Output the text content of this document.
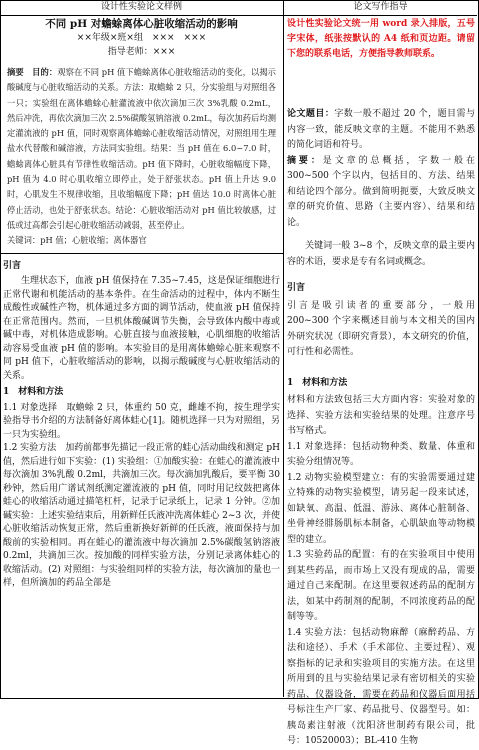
设计性实验论文样例	论文写作指导
不同 pH 对蟾蜍离体心脏收缩活动的影响
××年级×班×组　×××　×××
指导老师：×××
摘要　目的：观察在不同 pH 值下蟾蜍离体心脏收缩活动的变化，以揭示酸碱度与心脏收缩活动的关系。方法：取蟾蜍 2 只，分实验组与对照组各一只；实验组在离体蟾蜍心脏灌流液中依次滴加三次 3%乳酸 0.2mL，然后冲洗，再依次滴加三次 2.5%碳酸氢钠溶液 0.2mL，每次加药后均测定灌流液的 pH 值，同时观察离体蟾蜍心脏收缩活动情况，对照组用生理盐水代替酸和碱溶液，方法同实验组。结果：当 pH 值在 6.0~7.0 时，蟾蜍离体心脏具有节律性收缩活动。pH 值下降时，心脏收缩幅度下降，pH 值为 4.0 时心肌收缩立即停止，处于舒张状态。pH 值上升达 9.0 时，心肌发生不规律收缩，且收缩幅度下降；pH 值达 10.0 时离体心脏停止活动，也处于舒张状态。结论：心脏收缩活动对 pH 值比较敏感，过低或过高都会引起心脏收缩活动减弱，甚至停止。
关键词：pH 值；心脏收缩；离体器官
引言

生理状态下，血液 pH 值保持在 7.35~7.45，这是保证细胞进行正常代谢和机能活动的基本条件。在生命活动的过程中，体内不断生成酸性或碱性产物，机体通过多方面的调节活动，使血液 pH 值保持在正常范围内。然而，一旦机体酸碱调节失衡，会导致体内酸中毒或碱中毒，对机体造成影响。心脏直接与血液接触，心肌细胞的收缩活动容易受血液 pH 值的影响。本实验目的是用离体蟾蜍心脏来观察不同 pH 值下，心脏收缩活动的影响，以揭示酸碱度与心脏收缩活动的关系。

1　材料和方法

1.1 对象选择　取蟾蜍 2 只，体重约 50 克，雌雄不拘，按生理学实验指导书介绍的方法制备好离体蛙心[1]。随机选择一只为对照组，另一只为实验组。

1.2 实验方法　加药前都事先描记一段正常的蛙心活动曲线和测定 pH 值，然后进行如下实验：(1) 实验组：①加酸实验：在蛙心的灌流液中每次滴加 3%乳酸 0.2ml，共滴加三次。每次滴加乳酸后，要平衡 30 秒钟，然后用广谱试剂纸测定灌流液的 pH 值，同时用记纹鼓把离体蛙心的收缩活动通过描笔杠杆，记录于记录纸上，记录 1 分钟。②加碱实验：上述实验结束后，用新鲜任氏液冲洗离体蛙心 2~3 次，并使心脏收缩活动恢复正常，然后重新换好新鲜的任氏液，液面保持与加酸前的实验相同。再在蛙心的灌流液中每次滴加 2.5%碳酸氢钠溶液 0.2ml，共滴加三次。按加酸的同样实验方法，分别记录离体蛙心的收缩活动。(2) 对照组：与实验组同样的实验方法，每次滴加的量也一样，但所滴加的药品全部是

设计性实验论文统一用 word 录入排版，五号字宋体，纸张按默认的 A4 纸和页边距。请留下您的联系电话，方便指导教师联系。

论文题目：字数一般不超过 20 个，题目需与内容一致，能反映文章的主题。不能用不熟悉的简化词语和符号。

摘要：是文章的总概括，字数一般在 300~500 个字以内，包括目的、方法、结果和结论四个部分。做到简明扼要，大致反映文章的研究价值、思路（主要内容）、结果和结论。

关键词一般 3~8 个，反映文章的最主要内容的术语，要求是专有名词或概念。

引言

引言是吸引读者的重要部分，一般用 200~300 个字来概述目前与本文相关的国内外研究状况（即研究背景），本文研究的价值，可行性和必需性。

1　材料和方法

材料和方法致包括三大方面内容：实验对象的选择、实验方法和实验结果的处理。注意序号书写格式。

1.1 对象选择：包括动物种类、数量、体重和实验分组情况等。

1.2 动物实验模型建立：有的实验需要通过建立特殊的动物实验模型，请另起一段来试述，如缺氧、高温、低温、游泳、离体心脏制备、坐骨神经腓肠肌标本制备，心肌缺血等动物模型的建立。

1.3 实验药品的配置：有的在实验项目中使用到某些药品，而市场上又没有现成的品，需要通过自己来配制。在这里要叙述药品的配制方法，如某中药制剂的配制，不同浓度药品的配制等等。

1.4 实验方法：包括动物麻醉（麻醉药品、方法和途径）、手术（手术部位、主要过程）、观察指标的记录和实验项目的实施方法。在这里所用到的且与实验结果记录有密切相关的实验药品、仪器设备，需要在药品和仪器后面用括号标注生产厂家、药品批号、仪器型号。如：胰岛素注射液（沈阳济世制药有限公司，批号：10520003）；BL-410 生物
